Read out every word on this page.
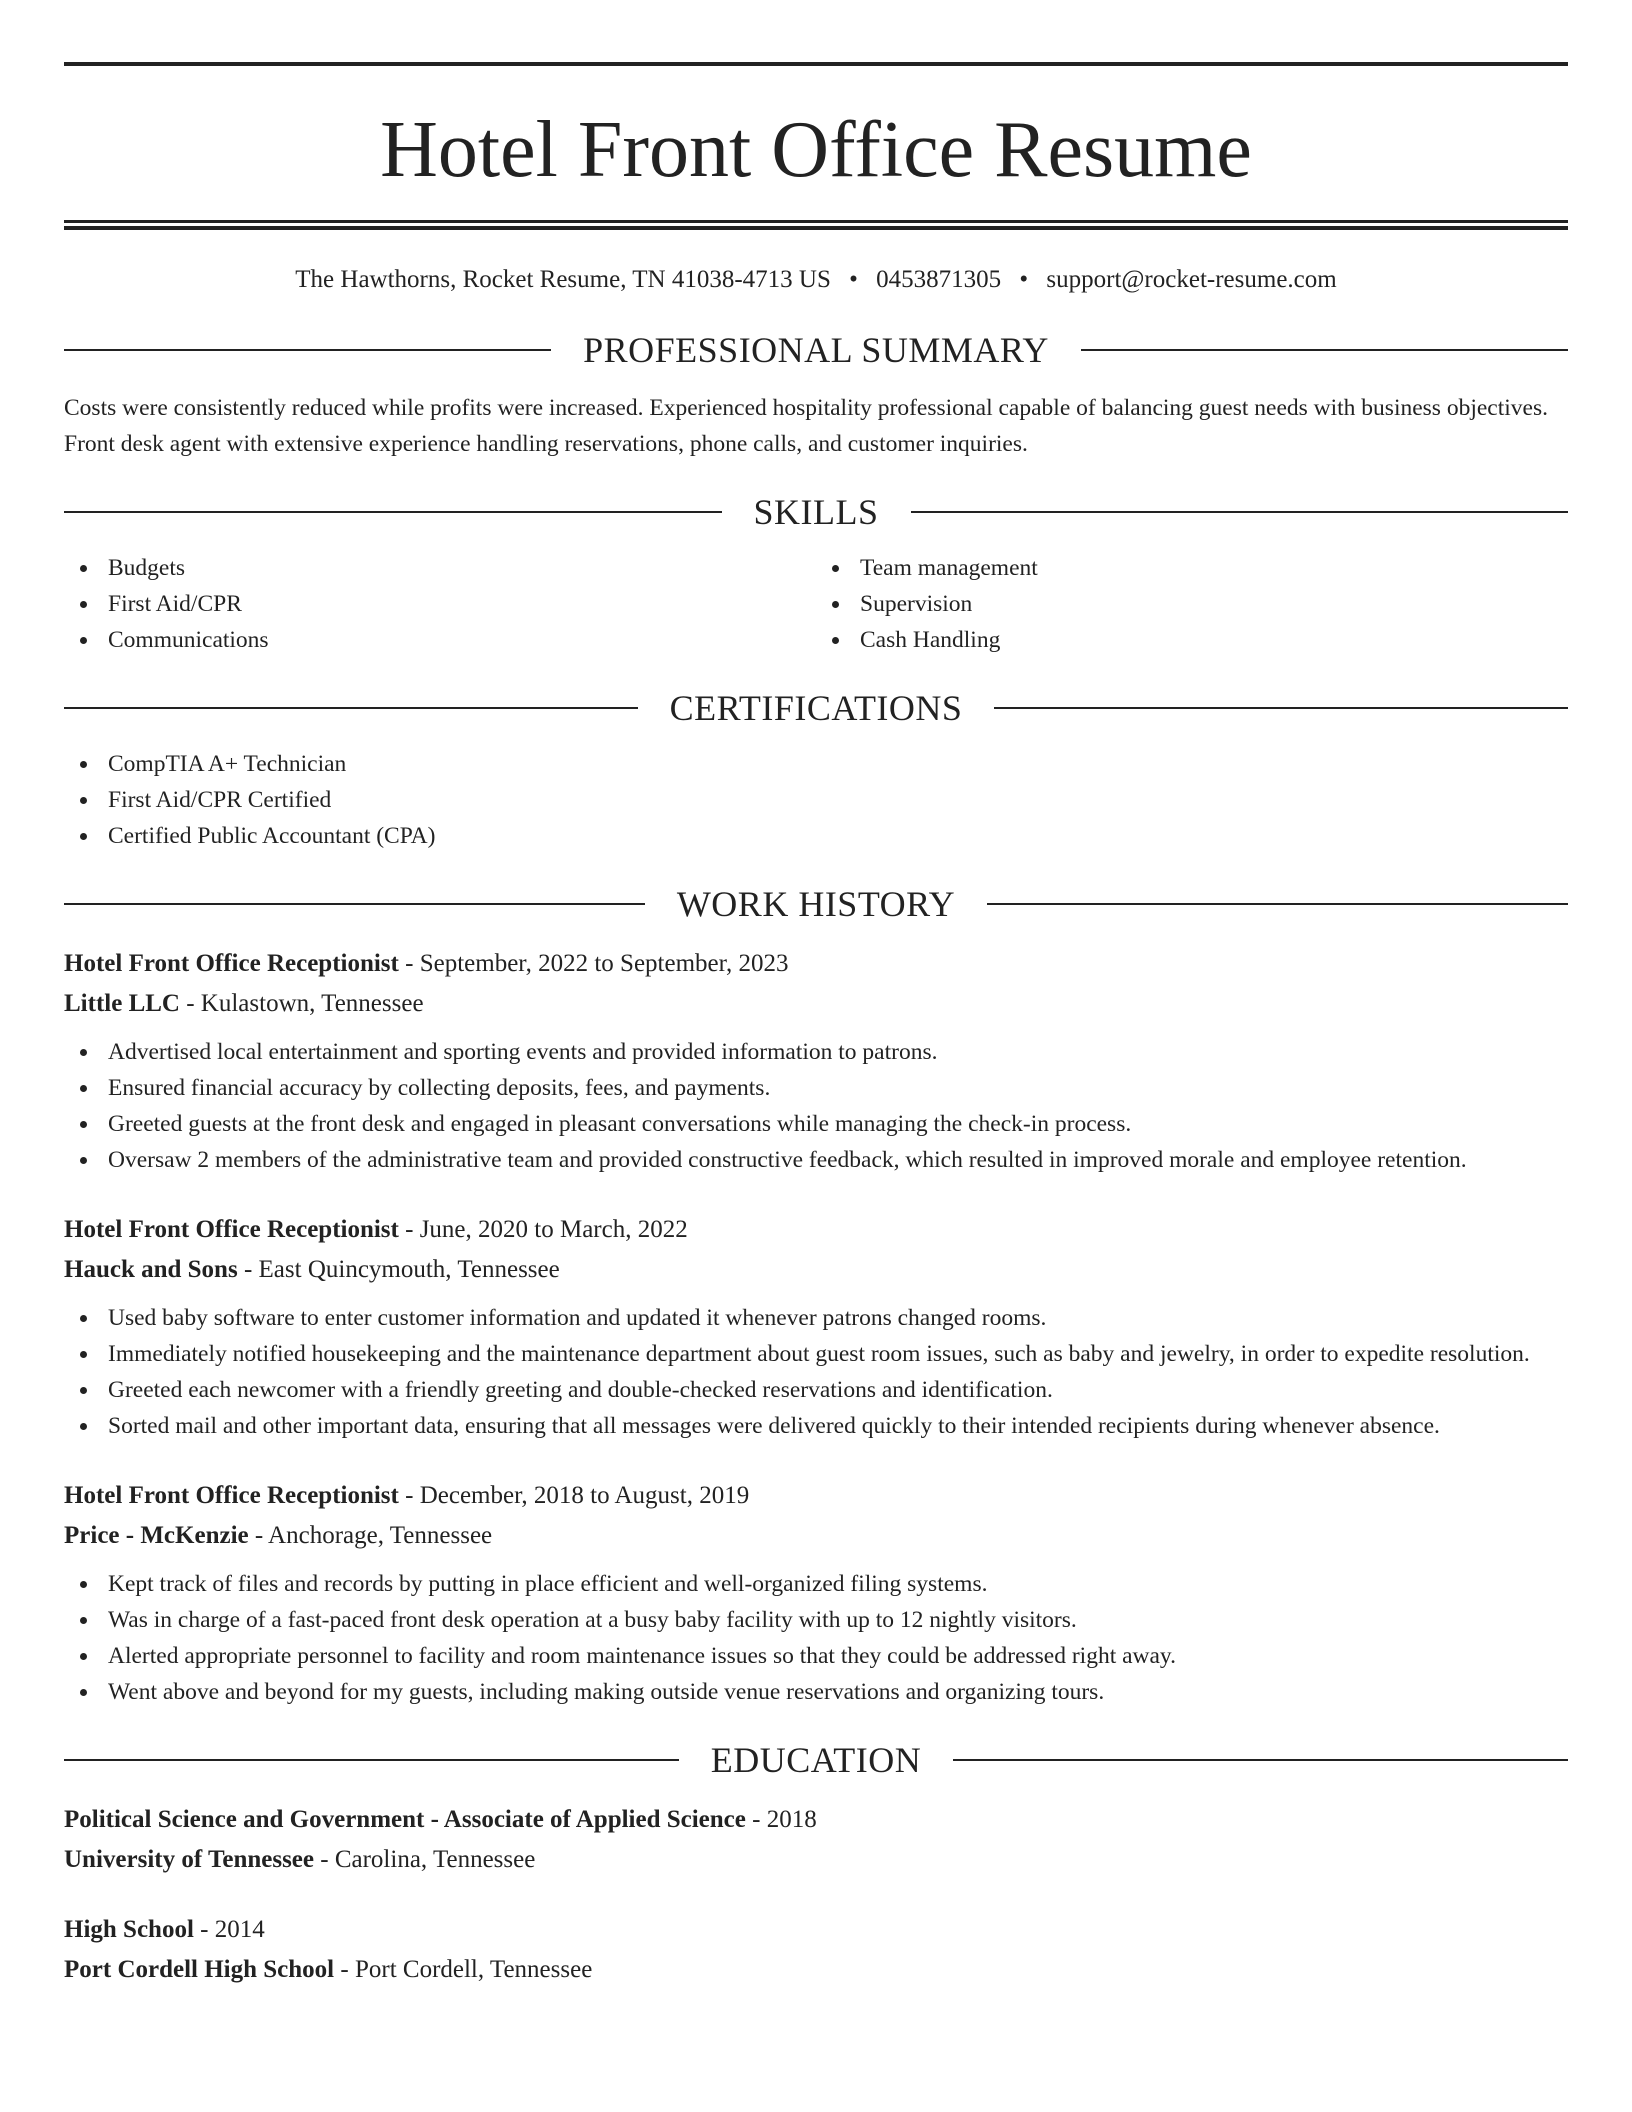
Hotel Front Office Resume
The Hawthorns, Rocket Resume, TN 41038-4713 US • 0453871305 • support@rocket-resume.com
PROFESSIONAL SUMMARY

Costs were consistently reduced while profits were increased. Experienced hospitality professional capable of balancing guest needs with business objectives. Front desk agent with extensive experience handling reservations, phone calls, and customer inquiries.

SKILLS
Budgets
First Aid/CPR
Communications
Team management
Supervision
Cash Handling
CERTIFICATIONS
CompTIA A+ Technician
First Aid/CPR Certified
Certified Public Accountant (CPA)
WORK HISTORY
Hotel Front Office Receptionist - September, 2022 to September, 2023
Little LLC - Kulastown, Tennessee
Advertised local entertainment and sporting events and provided information to patrons.
Ensured financial accuracy by collecting deposits, fees, and payments.
Greeted guests at the front desk and engaged in pleasant conversations while managing the check-in process.
Oversaw 2 members of the administrative team and provided constructive feedback, which resulted in improved morale and employee retention.
Hotel Front Office Receptionist - June, 2020 to March, 2022
Hauck and Sons - East Quincymouth, Tennessee
Used baby software to enter customer information and updated it whenever patrons changed rooms.
Immediately notified housekeeping and the maintenance department about guest room issues, such as baby and jewelry, in order to expedite resolution.
Greeted each newcomer with a friendly greeting and double-checked reservations and identification.
Sorted mail and other important data, ensuring that all messages were delivered quickly to their intended recipients during whenever absence.
Hotel Front Office Receptionist - December, 2018 to August, 2019
Price - McKenzie - Anchorage, Tennessee
Kept track of files and records by putting in place efficient and well-organized filing systems.
Was in charge of a fast-paced front desk operation at a busy baby facility with up to 12 nightly visitors.
Alerted appropriate personnel to facility and room maintenance issues so that they could be addressed right away.
Went above and beyond for my guests, including making outside venue reservations and organizing tours.
EDUCATION
Political Science and Government - Associate of Applied Science - 2018
University of Tennessee - Carolina, Tennessee
High School - 2014
Port Cordell High School - Port Cordell, Tennessee
